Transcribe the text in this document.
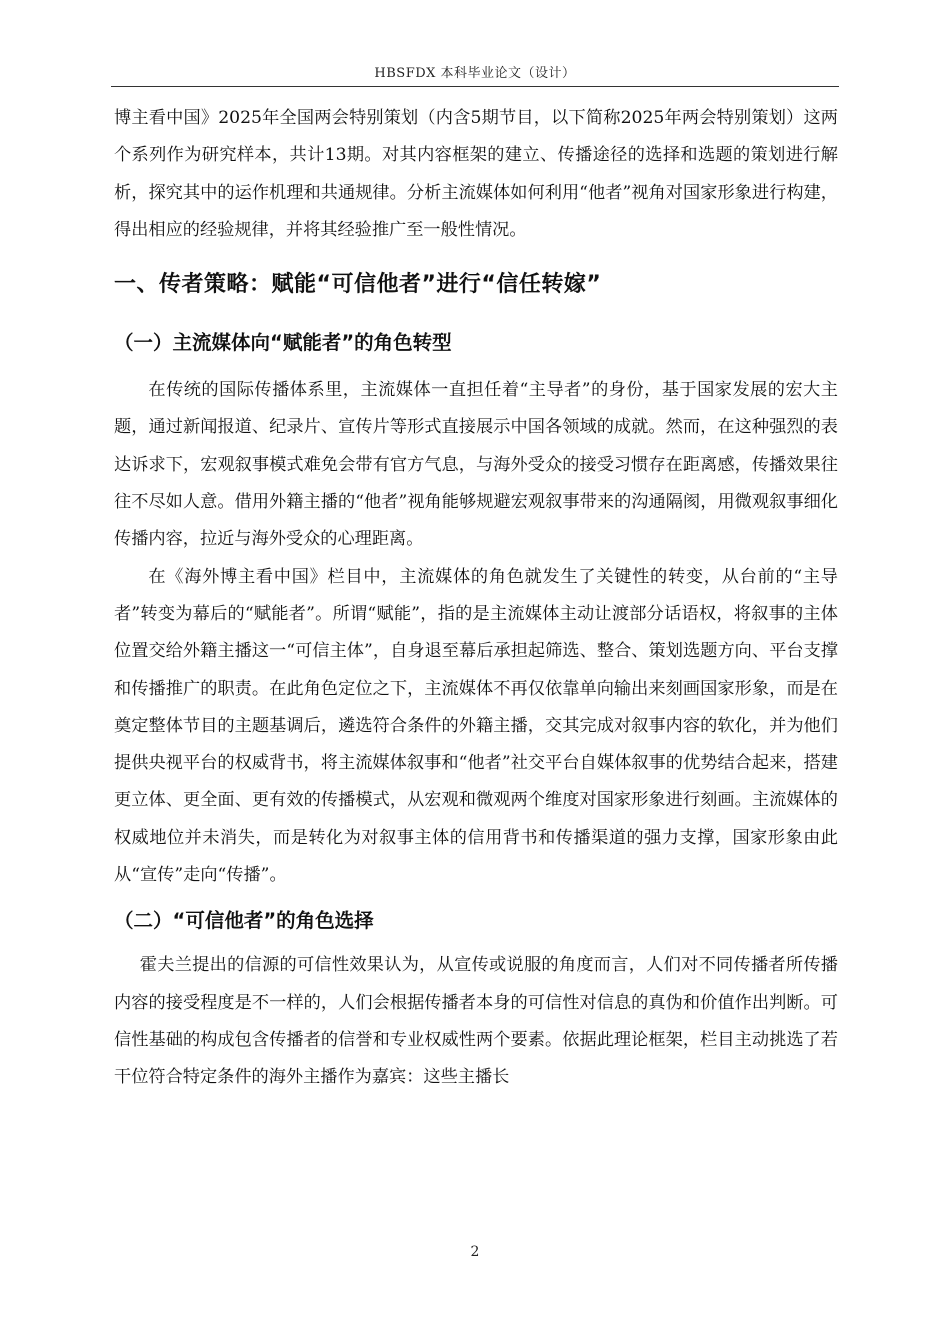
HBSFDX 本科毕业论文（设计）

博主看中国》2025年全国两会特别策划（内含5期节目，以下简称2025年两会特别策划）这两个系列作为研究样本，共计13期。对其内容框架的建立、传播途径的选择和选题的策划进行解析，探究其中的运作机理和共通规律。分析主流媒体如何利用“他者”视角对国家形象进行构建，得出相应的经验规律，并将其经验推广至一般性情况。

一、传者策略：赋能“可信他者”进行“信任转嫁”
（一）主流媒体向“赋能者”的角色转型

在传统的国际传播体系里，主流媒体一直担任着“主导者”的身份，基于国家发展的宏大主题，通过新闻报道、纪录片、宣传片等形式直接展示中国各领域的成就。然而，在这种强烈的表达诉求下，宏观叙事模式难免会带有官方气息，与海外受众的接受习惯存在距离感，传播效果往往不尽如人意。借用外籍主播的“他者”视角能够规避宏观叙事带来的沟通隔阂，用微观叙事细化传播内容，拉近与海外受众的心理距离。

在《海外博主看中国》栏目中，主流媒体的角色就发生了关键性的转变，从台前的“主导者”转变为幕后的“赋能者”。所谓“赋能”，指的是主流媒体主动让渡部分话语权，将叙事的主体位置交给外籍主播这一“可信主体”，自身退至幕后承担起筛选、整合、策划选题方向、平台支撑和传播推广的职责。在此角色定位之下，主流媒体不再仅依靠单向输出来刻画国家形象，而是在奠定整体节目的主题基调后，遴选符合条件的外籍主播，交其完成对叙事内容的软化，并为他们提供央视平台的权威背书，将主流媒体叙事和“他者”社交平台自媒体叙事的优势结合起来，搭建更立体、更全面、更有效的传播模式，从宏观和微观两个维度对国家形象进行刻画。主流媒体的权威地位并未消失，而是转化为对叙事主体的信用背书和传播渠道的强力支撑，国家形象由此从“宣传”走向“传播”。

（二）“可信他者”的角色选择

霍夫兰提出的信源的可信性效果认为，从宣传或说服的角度而言，人们对不同传播者所传播内容的接受程度是不一样的，人们会根据传播者本身的可信性对信息的真伪和价值作出判断。可信性基础的构成包含传播者的信誉和专业权威性两个要素。依据此理论框架，栏目主动挑选了若干位符合特定条件的海外主播作为嘉宾：这些主播长

2
